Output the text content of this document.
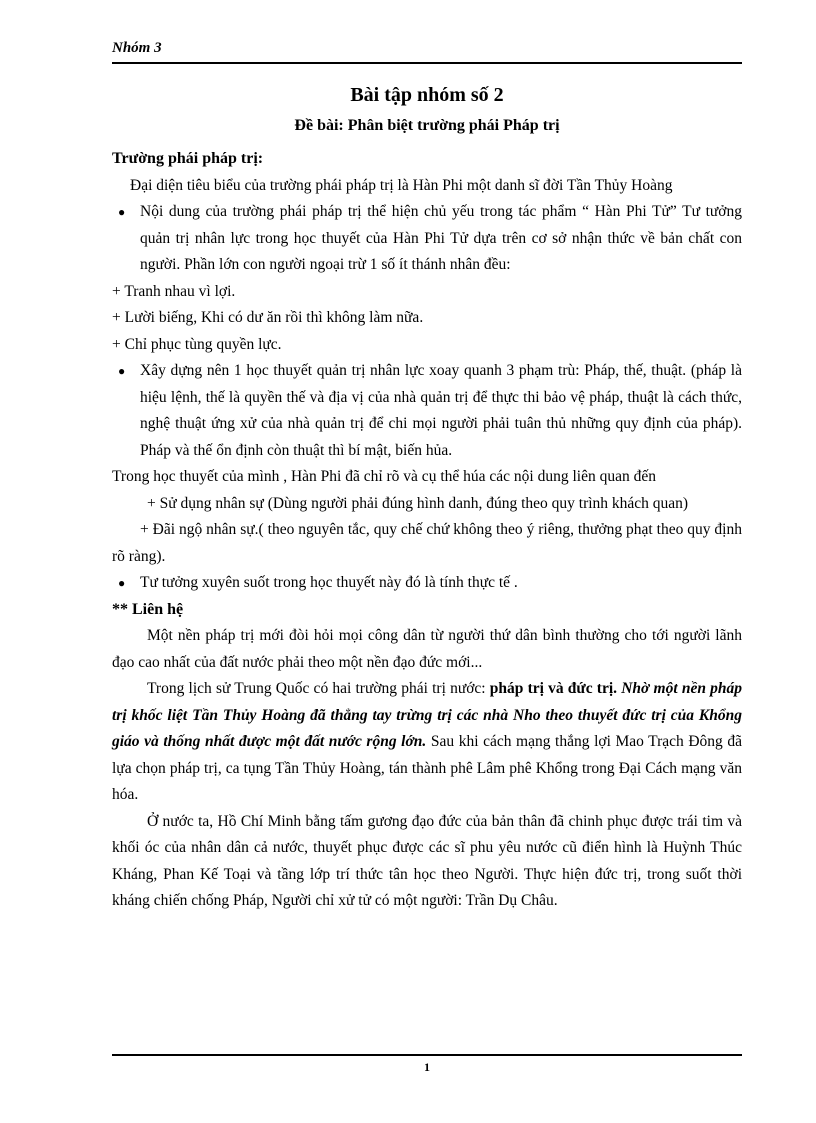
Nhóm 3
Bài tập nhóm số 2
Đề bài: Phân biệt trường phái Pháp trị
Trường phái pháp trị:

Đại diện tiêu biểu của trường phái pháp trị là Hàn Phi một danh sĩ đời Tần Thủy Hoàng

● Nội dung của trường phái pháp trị thể hiện chủ yếu trong tác phẩm “ Hàn Phi Tử” Tư tưởng quản trị nhân lực trong học thuyết của Hàn Phi Tử dựa trên cơ sở nhận thức về bản chất con người. Phần lớn con người ngoại trừ 1 số ít thánh nhân đều:

+ Tranh nhau vì lợi.

+ Lười biếng, Khi có dư ăn rồi thì không làm nữa.

+ Chỉ phục tùng quyền lực.

● Xây dựng nên 1 học thuyết quản trị nhân lực xoay quanh 3 phạm trù: Pháp, thế, thuật. (pháp là hiệu lệnh, thế là quyền thế và địa vị của nhà quản trị để thực thi bảo vệ pháp, thuật là cách thức, nghệ thuật ứng xử của nhà quản trị để chi mọi người phải tuân thủ những quy định của pháp). Pháp và thế ổn định còn thuật thì bí mật, biến hủa.

Trong học thuyết của mình , Hàn Phi đã chỉ rõ và cụ thể húa các nội dung liên quan đến

+ Sử dụng nhân sự (Dùng người phải đúng hình danh, đúng theo quy trình khách quan)

+ Đãi ngộ nhân sự.( theo nguyên tắc, quy chế chứ không theo ý riêng, thưởng phạt theo quy định rõ ràng).

● Tư tưởng xuyên suốt trong học thuyết này đó là tính thực tế .
** Liên hệ

Một nền pháp trị mới đòi hỏi mọi công dân từ người thứ dân bình thường cho tới người lãnh đạo cao nhất của đất nước phải theo một nền đạo đức mới...

Trong lịch sử Trung Quốc có hai trường phái trị nước: pháp trị và đức trị. Nhờ một nền pháp trị khốc liệt Tần Thủy Hoàng đã thẳng tay trừng trị các nhà Nho theo thuyết đức trị của Khổng giáo và thống nhất được một đất nước rộng lớn. Sau khi cách mạng thắng lợi Mao Trạch Đông đã lựa chọn pháp trị, ca tụng Tần Thủy Hoàng, tán thành phê Lâm phê Khổng trong Đại Cách mạng văn hóa.

Ở nước ta, Hồ Chí Minh bằng tấm gương đạo đức của bản thân đã chinh phục được trái tim và khối óc của nhân dân cả nước, thuyết phục được các sĩ phu yêu nước cũ điển hình là Huỳnh Thúc Kháng, Phan Kế Toại và tầng lớp trí thức tân học theo Người. Thực hiện đức trị, trong suốt thời kháng chiến chống Pháp, Người chỉ xử tử có một người: Trần Dụ Châu.

1
